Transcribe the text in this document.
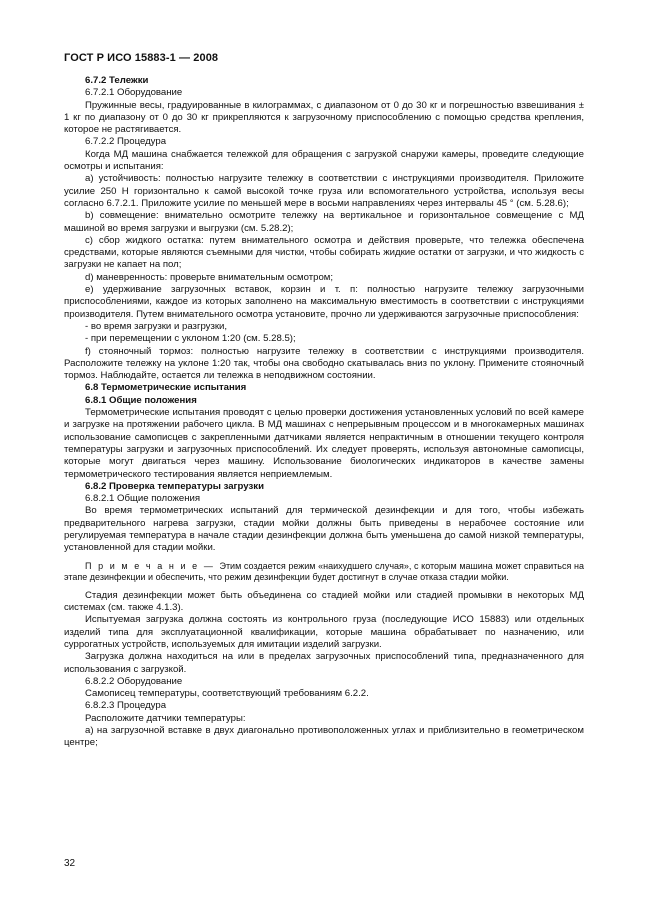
ГОСТ Р ИСО 15883-1 — 2008

6.7.2 Тележки

6.7.2.1 Оборудование

Пружинные весы, градуированные в килограммах, с диапазоном от 0 до 30 кг и погрешностью взвешивания ± 1 кг по диапазону от 0 до 30 кг прикрепляются к загрузочному приспособлению с помощью средства крепления, которое не растягивается.

6.7.2.2 Процедура

Когда МД машина снабжается тележкой для обращения с загрузкой снаружи камеры, проведите следующие осмотры и испытания:

a) устойчивость: полностью нагрузите тележку в соответствии с инструкциями производителя. Приложите усилие 250 Н горизонтально к самой высокой точке груза или вспомогательного устройства, используя весы согласно 6.7.2.1. Приложите усилие по меньшей мере в восьми направлениях через интервалы 45 ° (см. 5.28.6);

b) совмещение: внимательно осмотрите тележку на вертикальное и горизонтальное совмещение с МД машиной во время загрузки и выгрузки (см. 5.28.2);

c) сбор жидкого остатка: путем внимательного осмотра и действия проверьте, что тележка обеспечена средствами, которые являются съемными для чистки, чтобы собирать жидкие остатки от загрузки, и что жидкость с загрузки не капает на пол;

d) маневренность: проверьте внимательным осмотром;

e) удерживание загрузочных вставок, корзин и т. п: полностью нагрузите тележку загрузочными приспособлениями, каждое из которых заполнено на максимальную вместимость в соответствии с инструкциями производителя. Путем внимательного осмотра установите, прочно ли удерживаются загрузочные приспособления:

- во время загрузки и разгрузки,

- при перемещении с уклоном 1:20 (см. 5.28.5);

f) стояночный тормоз: полностью нагрузите тележку в соответствии с инструкциями производителя. Расположите тележку на уклоне 1:20 так, чтобы она свободно скатывалась вниз по уклону. Примените стояночный тормоз. Наблюдайте, остается ли тележка в неподвижном состоянии.

6.8 Термометрические испытания

6.8.1 Общие положения

Термометрические испытания проводят с целью проверки достижения установленных условий по всей камере и загрузке на протяжении рабочего цикла. В МД машинах с непрерывным процессом и в многокамерных машинах использование самописцев с закрепленными датчиками является непрактичным в отношении текущего контроля температуры загрузки и загрузочных приспособлений. Их следует проверять, используя автономные самописцы, которые могут двигаться через машину. Использование биологических индикаторов в качестве замены термометрического тестирования является неприемлемым.

6.8.2 Проверка температуры загрузки

6.8.2.1 Общие положения

Во время термометрических испытаний для термической дезинфекции и для того, чтобы избежать предварительного нагрева загрузки, стадии мойки должны быть приведены в нерабочее состояние или регулируемая температура в начале стадии дезинфекции должна быть уменьшена до самой низкой температуры, установленной для стадии мойки.

П р и м е ч а н и е — Этим создается режим «наихудшего случая», с которым машина может справиться на этапе дезинфекции и обеспечить, что режим дезинфекции будет достигнут в случае отказа стадии мойки.

Стадия дезинфекции может быть объединена со стадией мойки или стадией промывки в некоторых МД системах (см. также 4.1.3).

Испытуемая загрузка должна состоять из контрольного груза (последующие ИСО 15883) или отдельных изделий типа для эксплуатационной квалификации, которые машина обрабатывает по назначению, или суррогатных устройств, используемых для имитации изделий загрузки.

Загрузка должна находиться на или в пределах загрузочных приспособлений типа, предназначенного для использования с загрузкой.

6.8.2.2 Оборудование

Самописец температуры, соответствующий требованиям 6.2.2.

6.8.2.3 Процедура

Расположите датчики температуры:

a) на загрузочной вставке в двух диагонально противоположенных углах и приблизительно в геометрическом центре;

32
